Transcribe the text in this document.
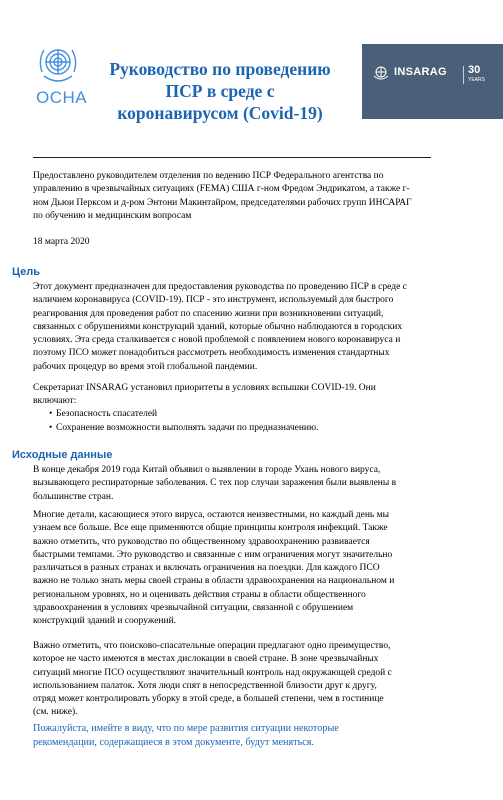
OCHA
Руководство по проведению
ПСР в среде с
коронавирусом (Covid-19)
INSARAG 30
YEARS
Предоставлено руководителем отделения по ведению ПСР Федерального агентства по
управлению в чрезвычайных ситуациях (FEMA) США г-ном Фредом Эндрикатом, а также г-
ном Дьюи Перксом и д-ром Энтони Макинтайром, председателями рабочих групп ИНСАРАГ
по обучению и медицинским вопросам
18 марта 2020
Цель
Этот документ предназначен для предоставления руководства по проведению ПСР в среде с
наличием коронавируса (COVID-19). ПСР - это инструмент, используемый для быстрого
реагирования для проведения работ по спасению жизни при возникновении ситуаций,
связанных с обрушениями конструкций зданий, которые обычно наблюдаются в городских
условиях. Эта среда сталкивается с новой проблемой с появлением нового коронавируса и
поэтому ПСО может понадобиться рассмотреть необходимость изменения стандартных
рабочих процедур во время этой глобальной пандемии.
Секретариат INSARAG установил приоритеты в условиях вспышки COVID-19. Они
включают:
• Безопасность спасателей
• Сохранение возможности выполнять задачи по предназначению.
Исходные данные
В конце декабря 2019 года Китай объявил о выявлении в городе Ухань нового вируса,
вызывающего респираторные заболевания. С тех пор случаи заражения были выявлены в
большинстве стран.
Многие детали, касающиеся этого вируса, остаются неизвестными, но каждый день мы
узнаем все больше. Все еще применяются общие принципы контроля инфекций. Также
важно отметить, что руководство по общественному здравоохранению развивается
быстрыми темпами. Это руководство и связанные с ним ограничения могут значительно
различаться в разных странах и включать ограничения на поездки. Для каждого ПСО
важно не только знать меры своей страны в области здравоохранения на национальном и
региональном уровнях, но и оценивать действия страны в области общественного
здравоохранения в условиях чрезвычайной ситуации, связанной с обрушением
конструкций зданий и сооружений.
Важно отметить, что поисково-спасательные операции предлагают одно преимущество,
которое не часто имеются в местах дислокации в своей стране. В зоне чрезвычайных
ситуаций многие ПСО осуществляют значительный контроль над окружающей средой с
использованием палаток. Хотя люди спят в непосредственной близости друг к другу,
отряд может контролировать уборку в этой среде, в большей степени, чем в гостинице
(см. ниже).
Пожалуйста, имейте в виду, что по мере развития ситуации некоторые
рекомендации, содержащиеся в этом документе, будут меняться.
